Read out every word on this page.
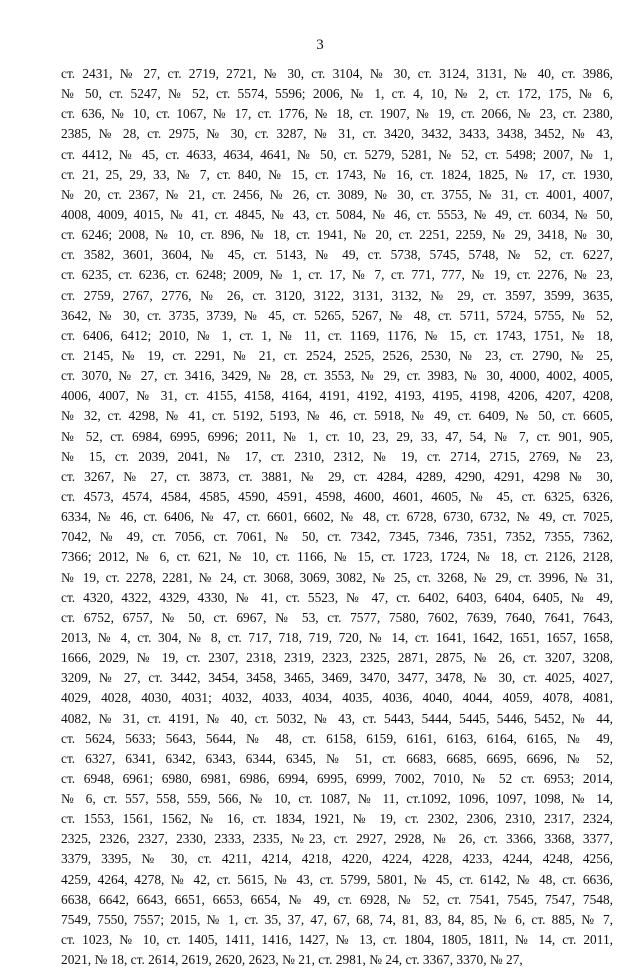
3
ст. 2431, № 27, ст. 2719, 2721, № 30, ст. 3104, № 30, ст. 3124, 3131, № 40, ст. 3986,
№ 50, ст. 5247, № 52, ст. 5574, 5596; 2006, № 1, ст. 4, 10, № 2, ст. 172, 175, № 6,
ст. 636, № 10, ст. 1067, № 17, ст. 1776, № 18, ст. 1907, № 19, ст. 2066, № 23, ст. 2380,
2385, № 28, ст. 2975, № 30, ст. 3287, № 31, ст. 3420, 3432, 3433, 3438, 3452, № 43,
ст. 4412, № 45, ст. 4633, 4634, 4641, № 50, ст. 5279, 5281, № 52, ст. 5498; 2007, № 1,
ст. 21, 25, 29, 33, № 7, ст. 840, № 15, ст. 1743, № 16, ст. 1824, 1825, № 17, ст. 1930,
№ 20, ст. 2367, № 21, ст. 2456, № 26, ст. 3089, № 30, ст. 3755, № 31, ст. 4001, 4007,
4008, 4009, 4015, № 41, ст. 4845, № 43, ст. 5084, № 46, ст. 5553, № 49, ст. 6034, № 50,
ст. 6246; 2008, № 10, ст. 896, № 18, ст. 1941, № 20, ст. 2251, 2259, № 29, 3418, № 30,
ст. 3582, 3601, 3604, № 45, ст. 5143, № 49, ст. 5738, 5745, 5748, № 52, ст. 6227,
ст. 6235, ст. 6236, ст. 6248; 2009, № 1, ст. 17, № 7, ст. 771, 777, № 19, ст. 2276, № 23,
ст. 2759, 2767, 2776, № 26, ст. 3120, 3122, 3131, 3132, № 29, ст. 3597, 3599, 3635,
3642, № 30, ст. 3735, 3739, № 45, ст. 5265, 5267, № 48, ст. 5711, 5724, 5755, № 52,
ст. 6406, 6412; 2010, № 1, ст. 1, № 11, ст. 1169, 1176, № 15, ст. 1743, 1751, № 18,
ст. 2145, № 19, ст. 2291, № 21, ст. 2524, 2525, 2526, 2530, № 23, ст. 2790, № 25,
ст. 3070, № 27, ст. 3416, 3429, № 28, ст. 3553, № 29, ст. 3983, № 30, 4000, 4002, 4005,
4006, 4007, № 31, ст. 4155, 4158, 4164, 4191, 4192, 4193, 4195, 4198, 4206, 4207, 4208,
№ 32, ст. 4298, № 41, ст. 5192, 5193, № 46, ст. 5918, № 49, ст. 6409, № 50, ст. 6605,
№ 52, ст. 6984, 6995, 6996; 2011, № 1, ст. 10, 23, 29, 33, 47, 54, № 7, ст. 901, 905,
№ 15, ст. 2039, 2041, № 17, ст. 2310, 2312, № 19, ст. 2714, 2715, 2769, № 23,
ст. 3267, № 27, ст. 3873, ст. 3881, № 29, ст. 4284, 4289, 4290, 4291, 4298 № 30,
ст. 4573, 4574, 4584, 4585, 4590, 4591, 4598, 4600, 4601, 4605, № 45, ст. 6325, 6326,
6334, № 46, ст. 6406, № 47, ст. 6601, 6602, № 48, ст. 6728, 6730, 6732, № 49, ст. 7025,
7042, № 49, ст. 7056, ст. 7061, № 50, ст. 7342, 7345, 7346, 7351, 7352, 7355, 7362,
7366; 2012, № 6, ст. 621, № 10, ст. 1166, № 15, ст. 1723, 1724, № 18, ст. 2126, 2128,
№ 19, ст. 2278, 2281, № 24, ст. 3068, 3069, 3082, № 25, ст. 3268, № 29, ст. 3996, № 31,
ст. 4320, 4322, 4329, 4330, № 41, ст. 5523, № 47, ст. 6402, 6403, 6404, 6405, № 49,
ст. 6752, 6757, № 50, ст. 6967, № 53, ст. 7577, 7580, 7602, 7639, 7640, 7641, 7643,
2013, № 4, ст. 304, № 8, ст. 717, 718, 719, 720, № 14, ст. 1641, 1642, 1651, 1657, 1658,
1666, 2029, № 19, ст. 2307, 2318, 2319, 2323, 2325, 2871, 2875, № 26, ст. 3207, 3208,
3209, № 27, ст. 3442, 3454, 3458, 3465, 3469, 3470, 3477, 3478, № 30, ст. 4025, 4027,
4029, 4028, 4030, 4031; 4032, 4033, 4034, 4035, 4036, 4040, 4044, 4059, 4078, 4081,
4082, № 31, ст. 4191, № 40, ст. 5032, № 43, ст. 5443, 5444, 5445, 5446, 5452, № 44,
ст. 5624, 5633; 5643, 5644, № 48, ст. 6158, 6159, 6161, 6163, 6164, 6165, № 49,
ст. 6327, 6341, 6342, 6343, 6344, 6345, № 51, ст. 6683, 6685, 6695, 6696, № 52,
ст. 6948, 6961; 6980, 6981, 6986, 6994, 6995, 6999, 7002, 7010, № 52 ст. 6953; 2014,
№ 6, ст. 557, 558, 559, 566, № 10, ст. 1087, № 11, ст.1092, 1096, 1097, 1098, № 14,
ст. 1553, 1561, 1562, № 16, ст. 1834, 1921, № 19, ст. 2302, 2306, 2310, 2317, 2324,
2325, 2326, 2327, 2330, 2333, 2335, №23, ст. 2927, 2928, № 26, ст. 3366, 3368, 3377,
3379, 3395, № 30, ст. 4211, 4214, 4218, 4220, 4224, 4228, 4233, 4244, 4248, 4256,
4259, 4264, 4278, № 42, ст. 5615, № 43, ст. 5799, 5801, № 45, ст. 6142, № 48, ст. 6636,
6638, 6642, 6643, 6651, 6653, 6654, № 49, ст. 6928, № 52, ст. 7541, 7545, 7547, 7548,
7549, 7550, 7557; 2015, № 1, ст. 35, 37, 47, 67, 68, 74, 81, 83, 84, 85, № 6, ст. 885, № 7,
ст. 1023, № 10, ст. 1405, 1411, 1416, 1427, № 13, ст. 1804, 1805, 1811, № 14, ст. 2011,
2021, № 18, ст. 2614, 2619, 2620, 2623, № 21, ст. 2981, № 24, ст. 3367, 3370, № 27,
